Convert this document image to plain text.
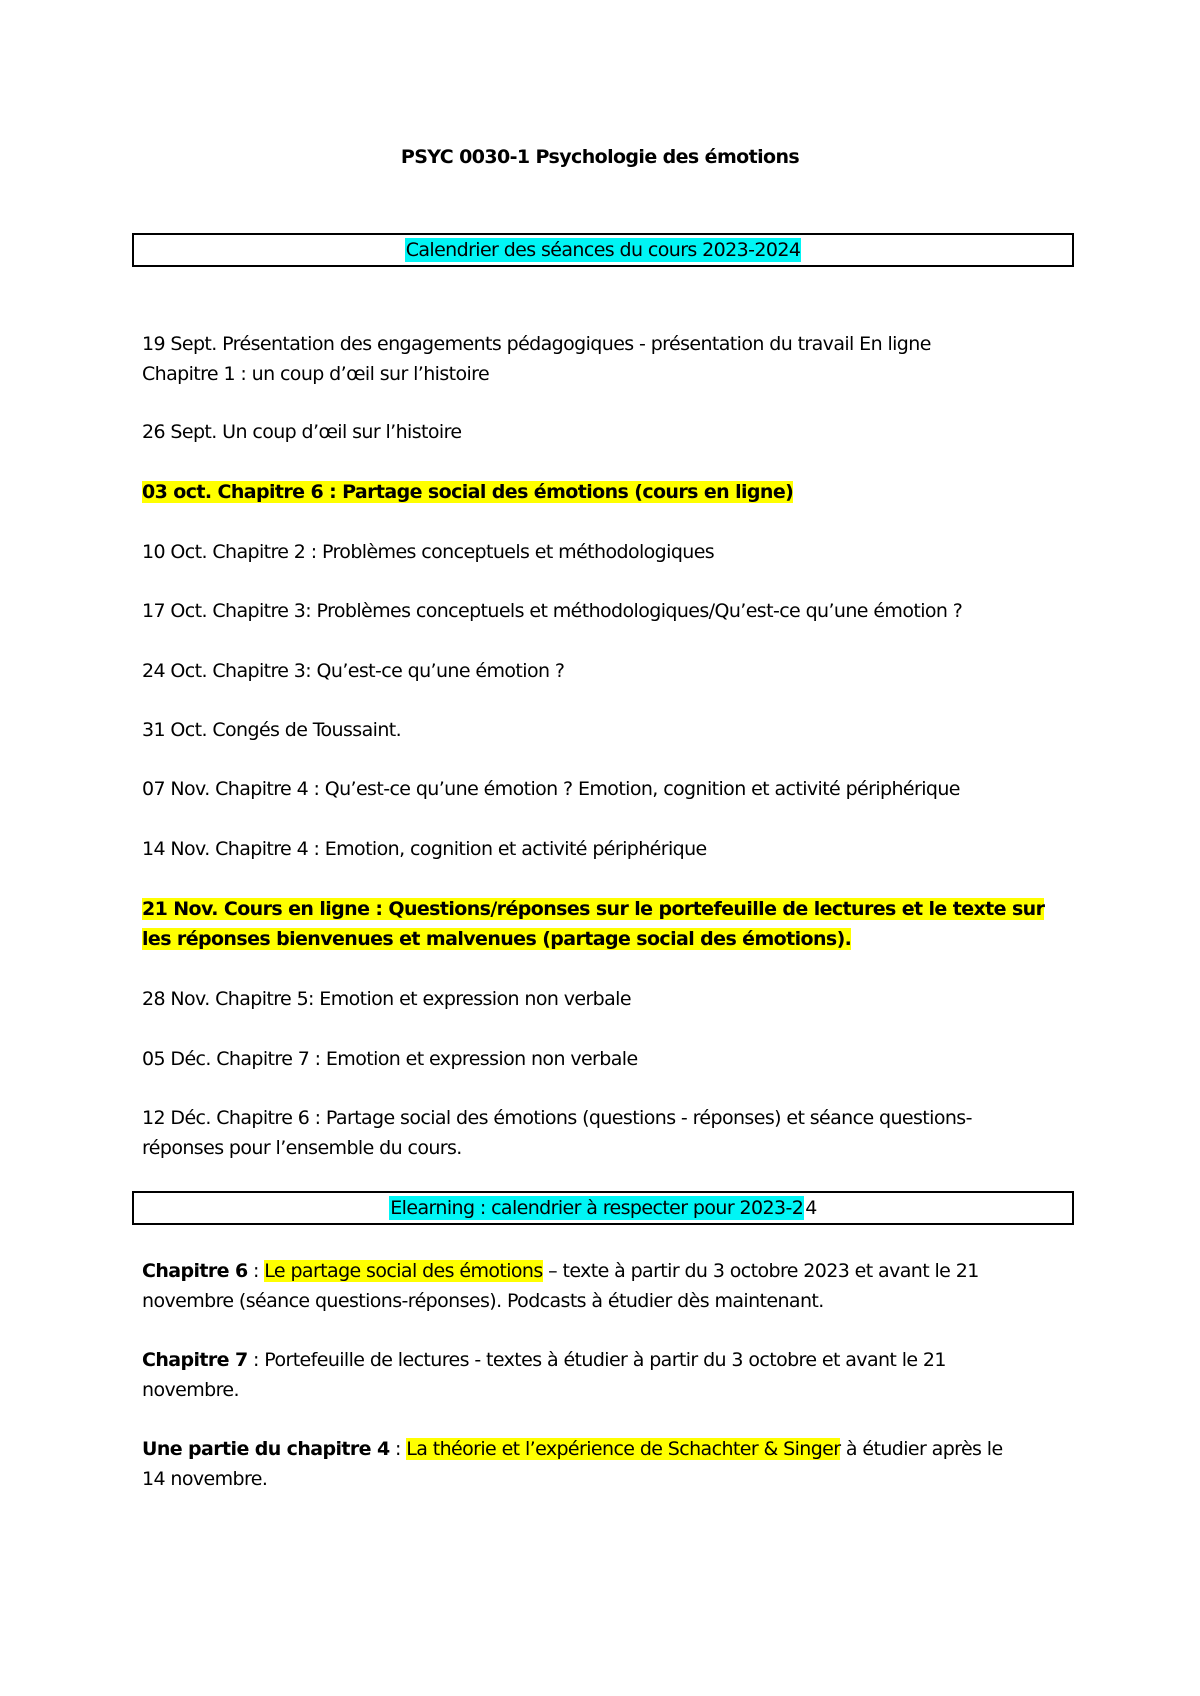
PSYC 0030-1 Psychologie des émotions
Calendrier des séances du cours 2023-2024
19 Sept. Présentation des engagements pédagogiques - présentation du travail En ligne
Chapitre 1 : un coup d’œil sur l’histoire
26 Sept. Un coup d’œil sur l’histoire
03 oct. Chapitre 6 : Partage social des émotions (cours en ligne)
10 Oct. Chapitre 2 : Problèmes conceptuels et méthodologiques
17 Oct. Chapitre 3: Problèmes conceptuels et méthodologiques/Qu’est-ce qu’une émotion ?
24 Oct. Chapitre 3: Qu’est-ce qu’une émotion ?
31 Oct. Congés de Toussaint.
07 Nov. Chapitre 4 : Qu’est-ce qu’une émotion ? Emotion, cognition et activité périphérique
14 Nov. Chapitre 4 : Emotion, cognition et activité périphérique
21 Nov. Cours en ligne : Questions/réponses sur le portefeuille de lectures et le texte sur
les réponses bienvenues et malvenues (partage social des émotions).
28 Nov. Chapitre 5: Emotion et expression non verbale
05 Déc. Chapitre 7 : Emotion et expression non verbale
12 Déc. Chapitre 6 : Partage social des émotions (questions - réponses) et séance questions-
réponses pour l’ensemble du cours.
Elearning : calendrier à respecter pour 2023-2 4
Chapitre 6 : Le partage social des émotions – texte à partir du 3 octobre 2023 et avant le 21
novembre (séance questions-réponses). Podcasts à étudier dès maintenant.
Chapitre 7 : Portefeuille de lectures - textes à étudier à partir du 3 octobre et avant le 21
novembre.
Une partie du chapitre 4 : La théorie et l’expérience de Schachter & Singer à étudier après le
14 novembre.
